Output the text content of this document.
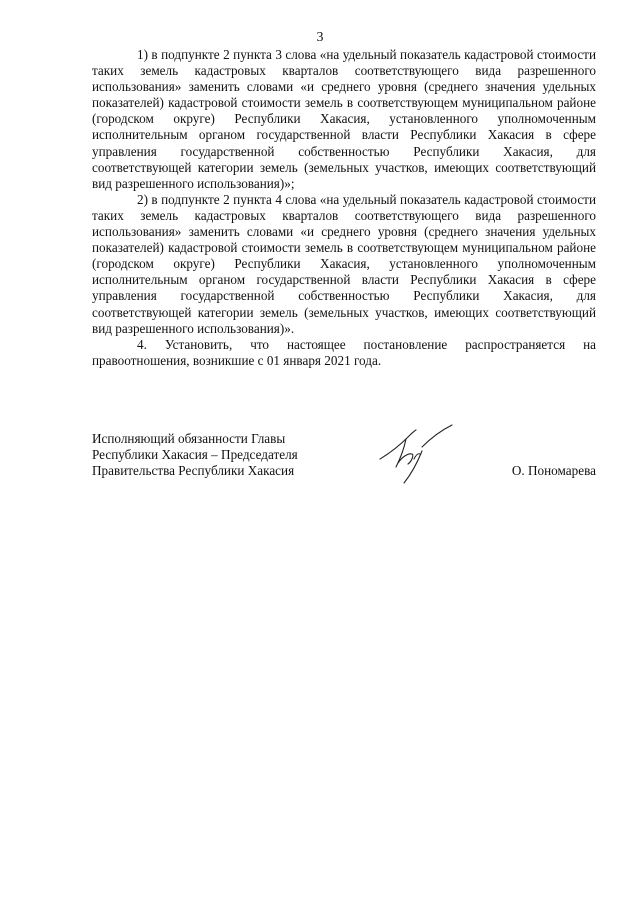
3

1) в подпункте 2 пункта 3 слова «на удельный показатель кадастровой стоимости таких земель кадастровых кварталов соответствующего вида разрешенного использования» заменить словами «и среднего уровня (среднего значения удельных показателей) кадастровой стоимости земель в соответствующем муниципальном районе (городском округе) Республики Хакасия, установленного уполномоченным исполнительным органом государственной власти Республики Хакасия в сфере управления государственной собственностью Республики Хакасия, для соответствующей категории земель (земельных участков, имеющих соответствующий вид разрешенного использования)»;

2) в подпункте 2 пункта 4 слова «на удельный показатель кадастровой стоимости таких земель кадастровых кварталов соответствующего вида разрешенного использования» заменить словами «и среднего уровня (среднего значения удельных показателей) кадастровой стоимости земель в соответствующем муниципальном районе (городском округе) Республики Хакасия, установленного уполномоченным исполнительным органом государственной власти Республики Хакасия в сфере управления государственной собственностью Республики Хакасия, для соответствующей категории земель (земельных участков, имеющих соответствующий вид разрешенного использования)».

4. Установить, что настоящее постановление распространяется на правоотношения, возникшие с 01 января 2021 года.

Исполняющий обязанности Главы
Республики Хакасия – Председателя
Правительства Республики Хакасия	О. Пономарева
